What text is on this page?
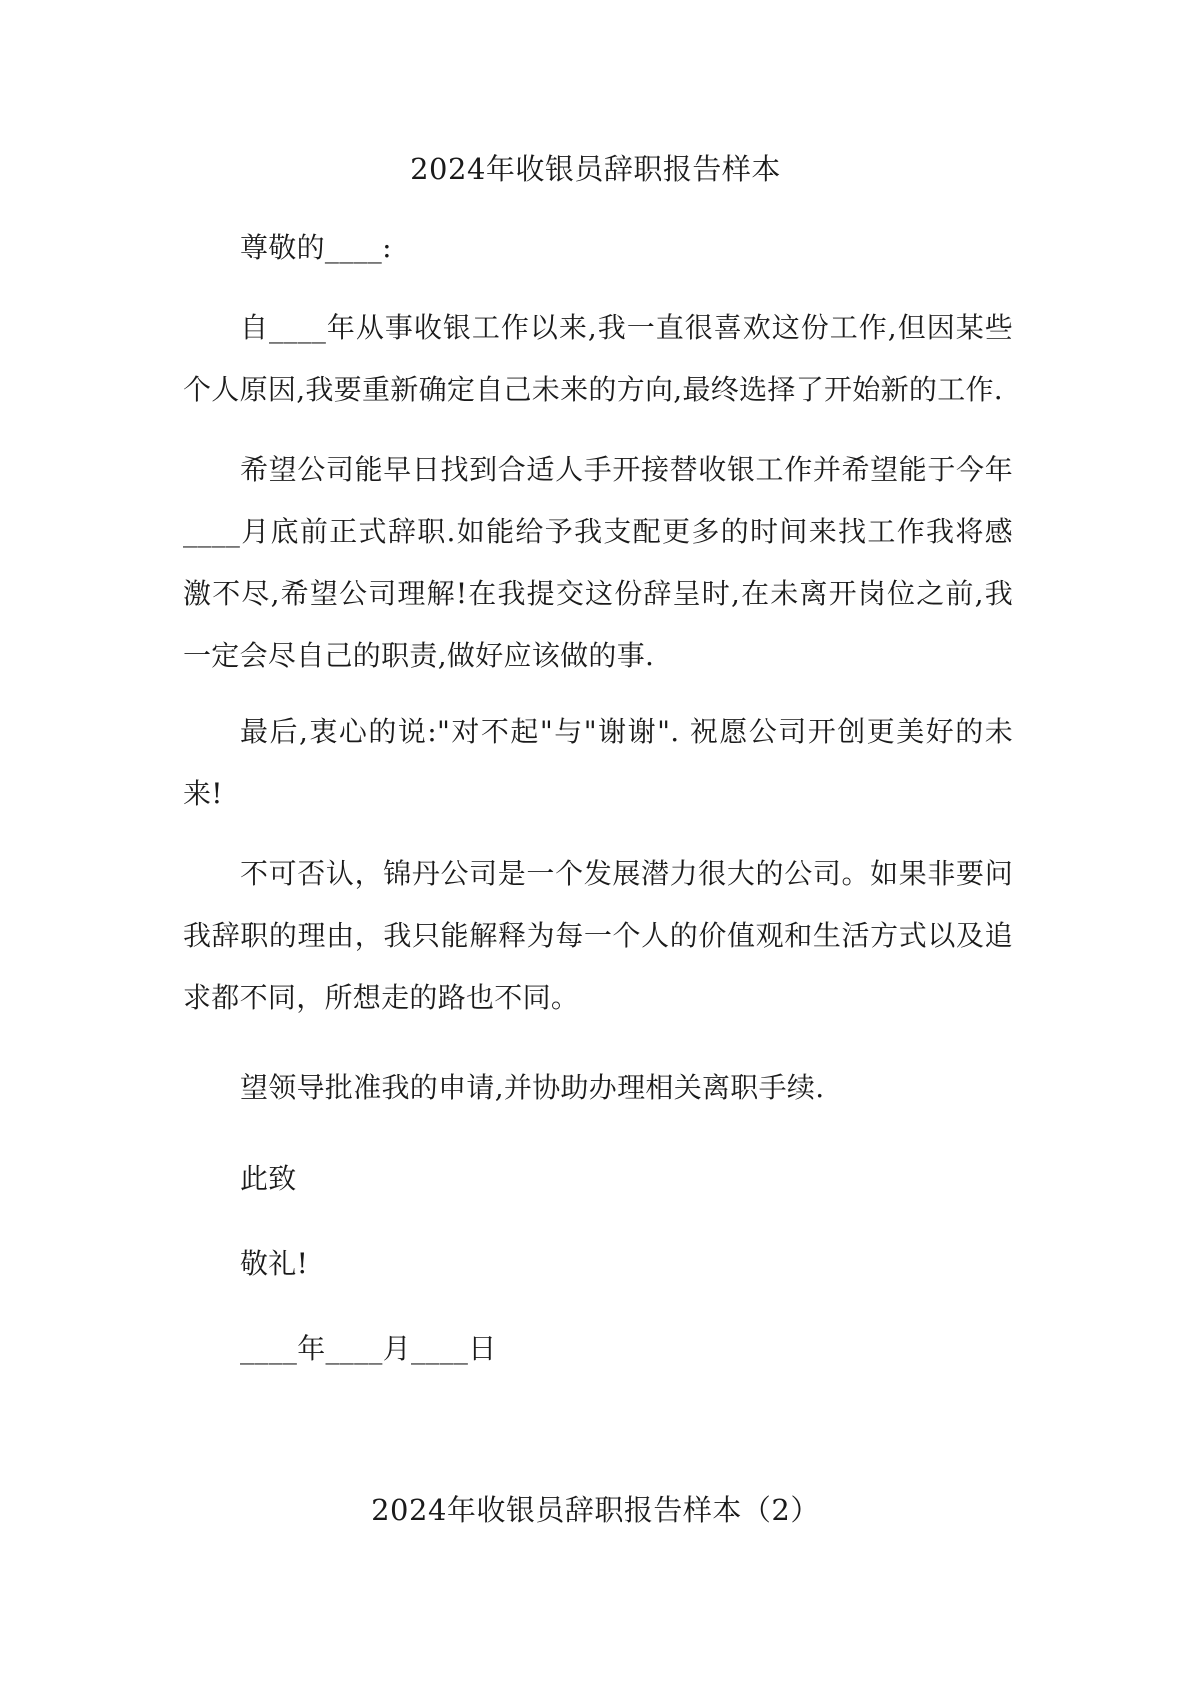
2024年收银员辞职报告样本
尊敬的____:
自____年从事收银工作以来,我一直很喜欢这份工作,但因某些个人原因,我要重新确定自己未来的方向,最终选择了开始新的工作.
希望公司能早日找到合适人手开接替收银工作并希望能于今年____月底前正式辞职.如能给予我支配更多的时间来找工作我将感激不尽,希望公司理解!在我提交这份辞呈时,在未离开岗位之前,我一定会尽自己的职责,做好应该做的事.
最后,衷心的说:"对不起"与"谢谢". 祝愿公司开创更美好的未来!
不可否认，锦丹公司是一个发展潜力很大的公司。如果非要问我辞职的理由，我只能解释为每一个人的价值观和生活方式以及追求都不同，所想走的路也不同。
望领导批准我的申请,并协助办理相关离职手续.
此致
敬礼!
____年____月____日
2024年收银员辞职报告样本（2）
